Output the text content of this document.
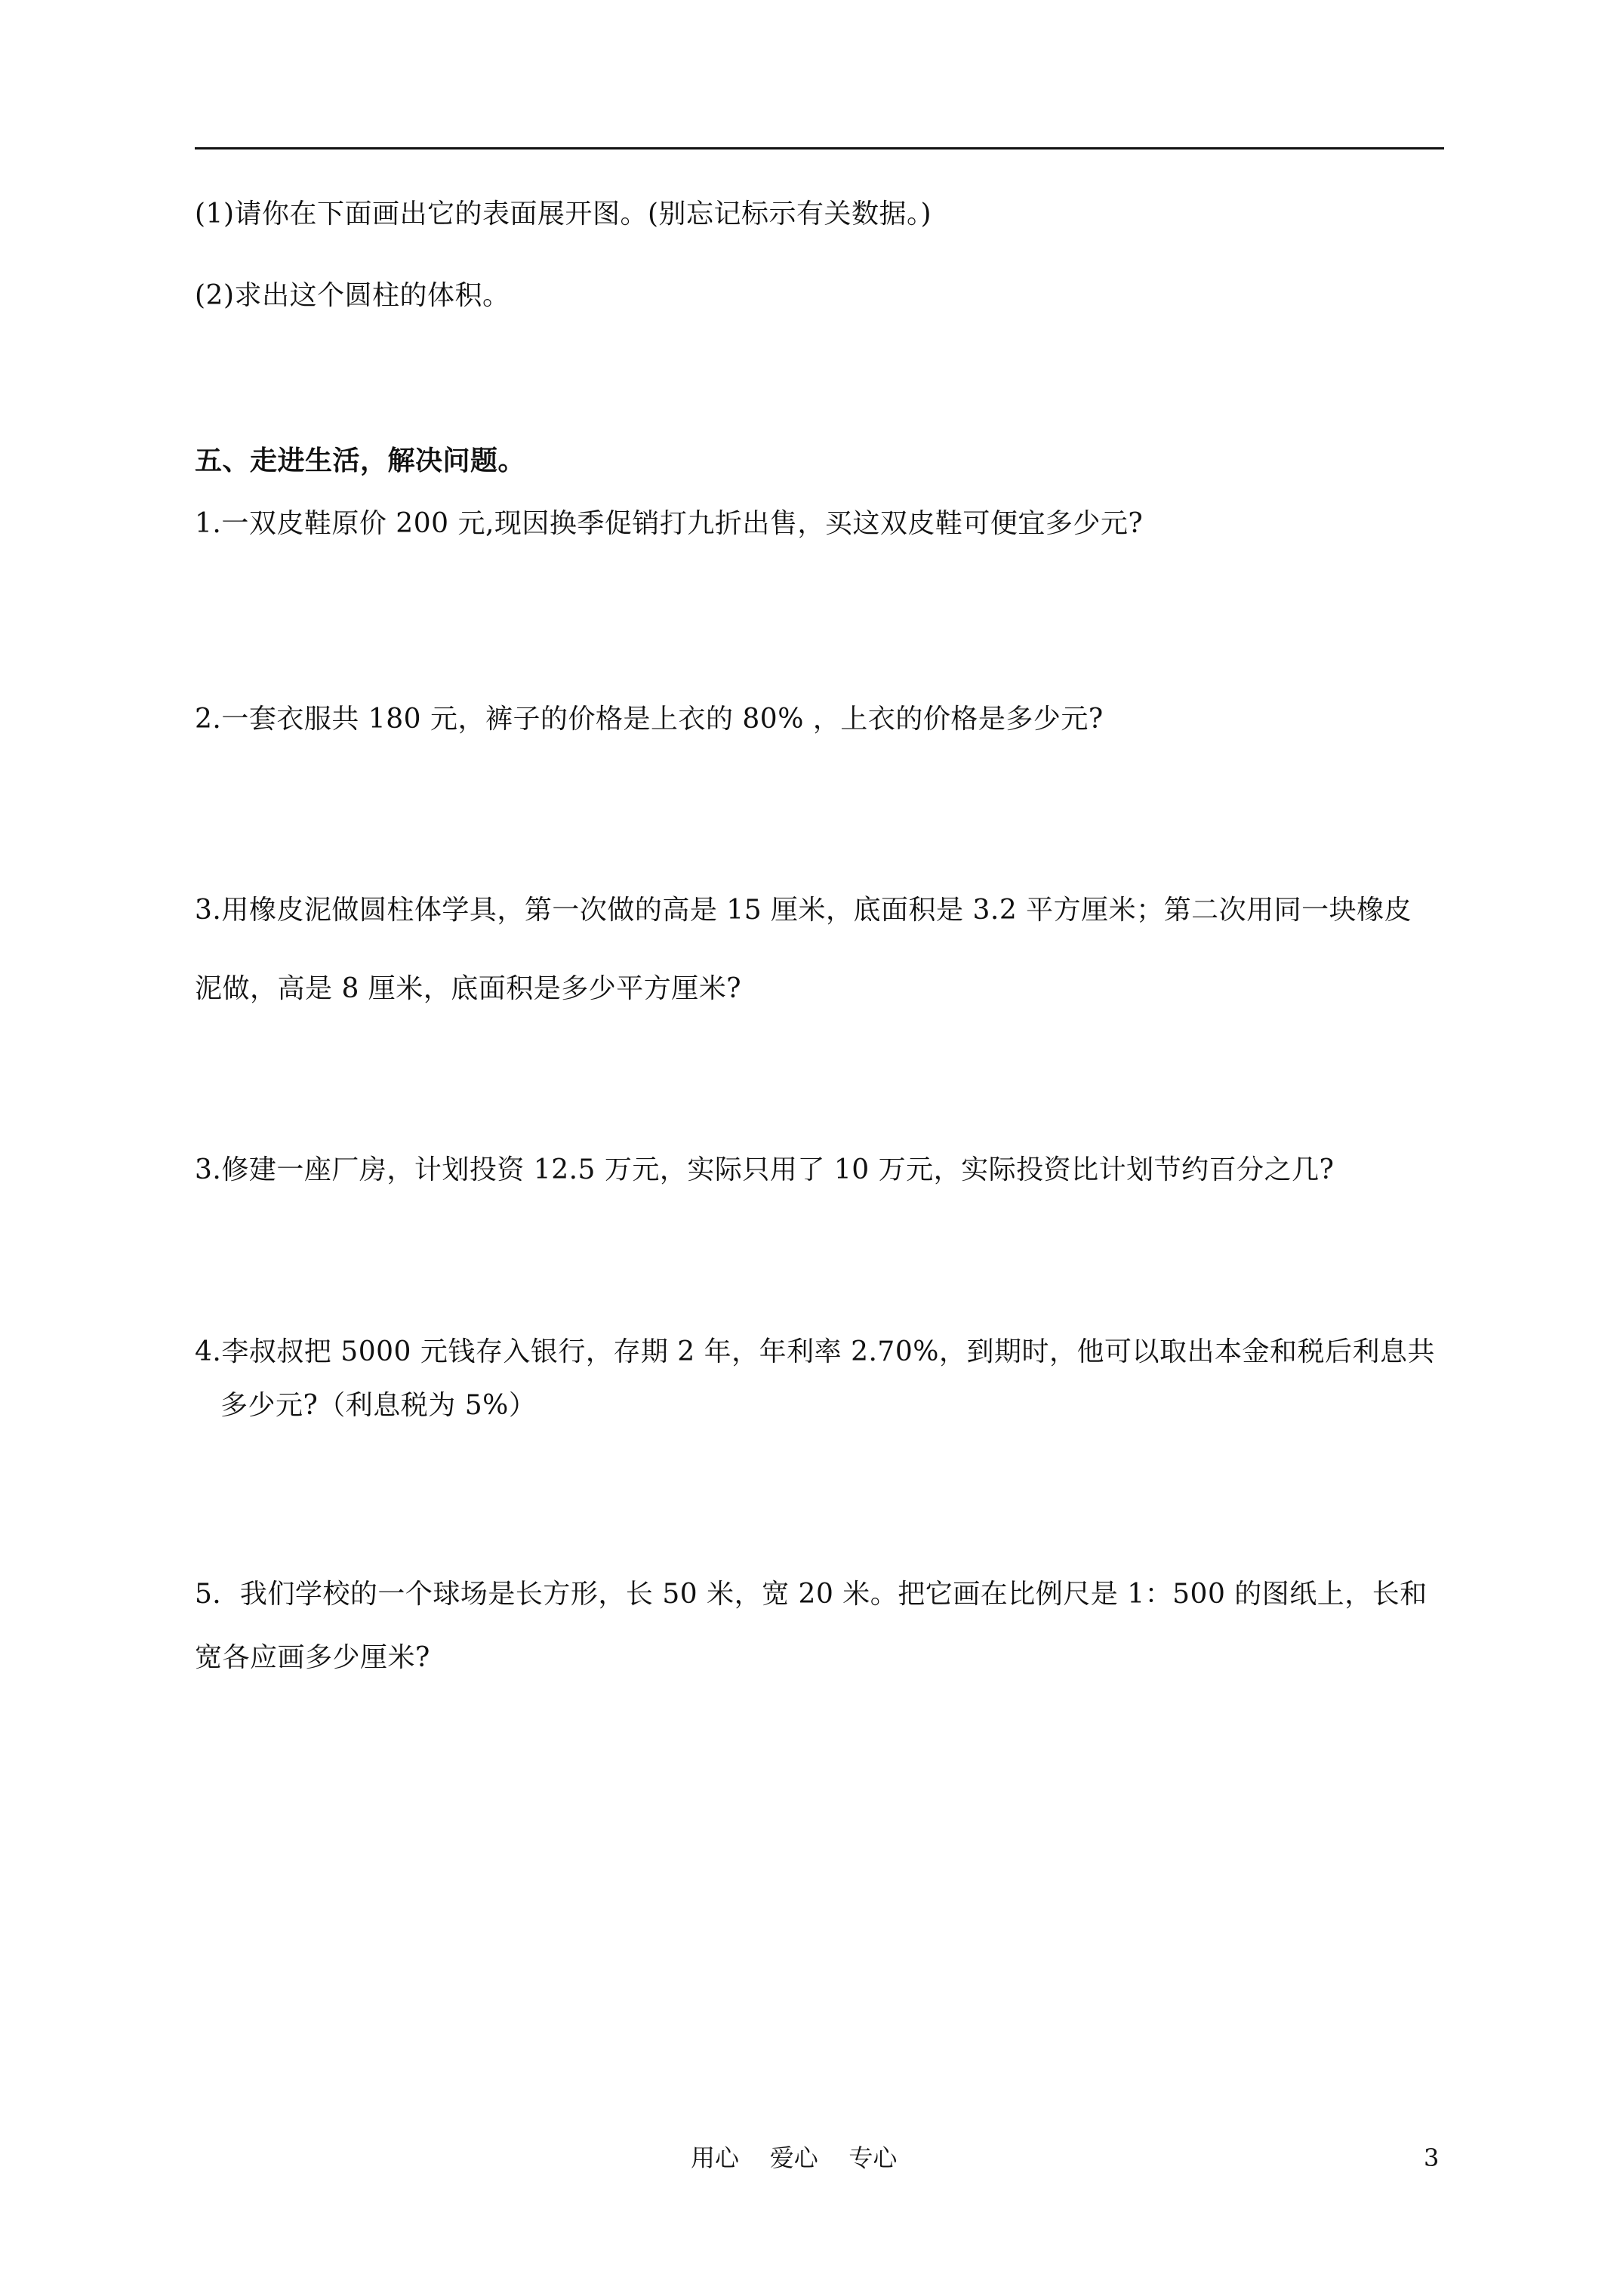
(1)请你在下面画出它的表面展开图。(别忘记标示有关数据。)
(2)求出这个圆柱的体积。
五、走进生活，解决问题。
1.一双皮鞋原价 200 元,现因换季促销打九折出售，买这双皮鞋可便宜多少元?
2.一套衣服共 180 元，裤子的价格是上衣的 80% ，上衣的价格是多少元?
3.用橡皮泥做圆柱体学具，第一次做的高是 15 厘米，底面积是 3.2 平方厘米；第二次用同一块橡皮
泥做，高是 8 厘米，底面积是多少平方厘米?
3.修建一座厂房，计划投资 12.5 万元，实际只用了 10 万元，实际投资比计划节约百分之几?
4.李叔叔把 5000 元钱存入银行，存期 2 年，年利率 2.70%，到期时，他可以取出本金和税后利息共
多少元?（利息税为 5%）
5．我们学校的一个球场是长方形，长 50 米，宽 20 米。把它画在比例尺是 1：500 的图纸上，长和
宽各应画多少厘米?
用心    爱心    专心	3
